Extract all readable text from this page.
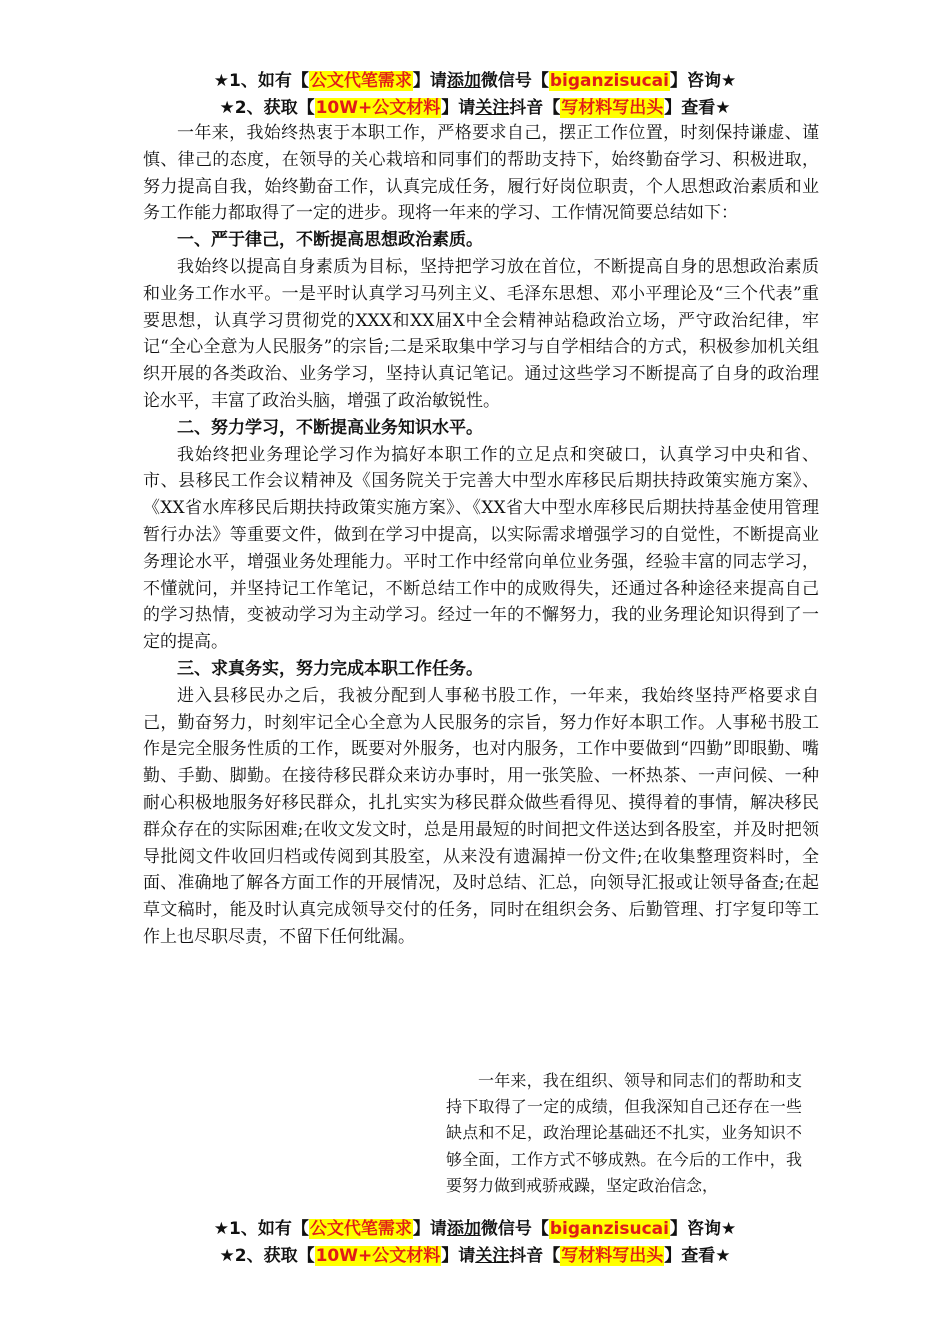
★1、如有【公文代笔需求】请添加微信号【biganzisucai】咨询★
★2、获取【10W+公文材料】请关注抖音【写材料写出头】查看★

一年来，我始终热衷于本职工作，严格要求自己，摆正工作位置，时刻保持谦虚、谨慎、律己的态度，在领导的关心栽培和同事们的帮助支持下，始终勤奋学习、积极进取，努力提高自我，始终勤奋工作，认真完成任务，履行好岗位职责，个人思想政治素质和业务工作能力都取得了一定的进步。现将一年来的学习、工作情况简要总结如下：

一、严于律己，不断提高思想政治素质。

我始终以提高自身素质为目标，坚持把学习放在首位，不断提高自身的思想政治素质和业务工作水平。一是平时认真学习马列主义、毛泽东思想、邓小平理论及“三个代表”重要思想，认真学习贯彻党的XXX和XX届X中全会精神站稳政治立场，严守政治纪律，牢记“全心全意为人民服务”的宗旨;二是采取集中学习与自学相结合的方式，积极参加机关组织开展的各类政治、业务学习，坚持认真记笔记。通过这些学习不断提高了自身的政治理论水平，丰富了政治头脑，增强了政治敏锐性。

二、努力学习，不断提高业务知识水平。

我始终把业务理论学习作为搞好本职工作的立足点和突破口，认真学习中央和省、市、县移民工作会议精神及《国务院关于完善大中型水库移民后期扶持政策实施方案》、《XX省水库移民后期扶持政策实施方案》、《XX省大中型水库移民后期扶持基金使用管理暂行办法》等重要文件，做到在学习中提高，以实际需求增强学习的自觉性，不断提高业务理论水平，增强业务处理能力。平时工作中经常向单位业务强，经验丰富的同志学习，不懂就问，并坚持记工作笔记，不断总结工作中的成败得失，还通过各种途径来提高自己的学习热情，变被动学习为主动学习。经过一年的不懈努力，我的业务理论知识得到了一定的提高。

三、求真务实，努力完成本职工作任务。

进入县移民办之后，我被分配到人事秘书股工作，一年来，我始终坚持严格要求自己，勤奋努力，时刻牢记全心全意为人民服务的宗旨，努力作好本职工作。人事秘书股工作是完全服务性质的工作，既要对外服务，也对内服务，工作中要做到“四勤”即眼勤、嘴勤、手勤、脚勤。在接待移民群众来访办事时，用一张笑脸、一杯热茶、一声问候、一种耐心积极地服务好移民群众，扎扎实实为移民群众做些看得见、摸得着的事情，解决移民群众存在的实际困难;在收文发文时，总是用最短的时间把文件送达到各股室，并及时把领导批阅文件收回归档或传阅到其股室，从来没有遗漏掉一份文件;在收集整理资料时，全面、准确地了解各方面工作的开展情况，及时总结、汇总，向领导汇报或让领导备查;在起草文稿时，能及时认真完成领导交付的任务，同时在组织会务、后勤管理、打字复印等工作上也尽职尽责，不留下任何纰漏。

一年来，我在组织、领导和同志们的帮助和支持下取得了一定的成绩，但我深知自己还存在一些缺点和不足，政治理论基础还不扎实，业务知识不够全面，工作方式不够成熟。在今后的工作中，我要努力做到戒骄戒躁，坚定政治信念，

★1、如有【公文代笔需求】请添加微信号【biganzisucai】咨询★
★2、获取【10W+公文材料】请关注抖音【写材料写出头】查看★
